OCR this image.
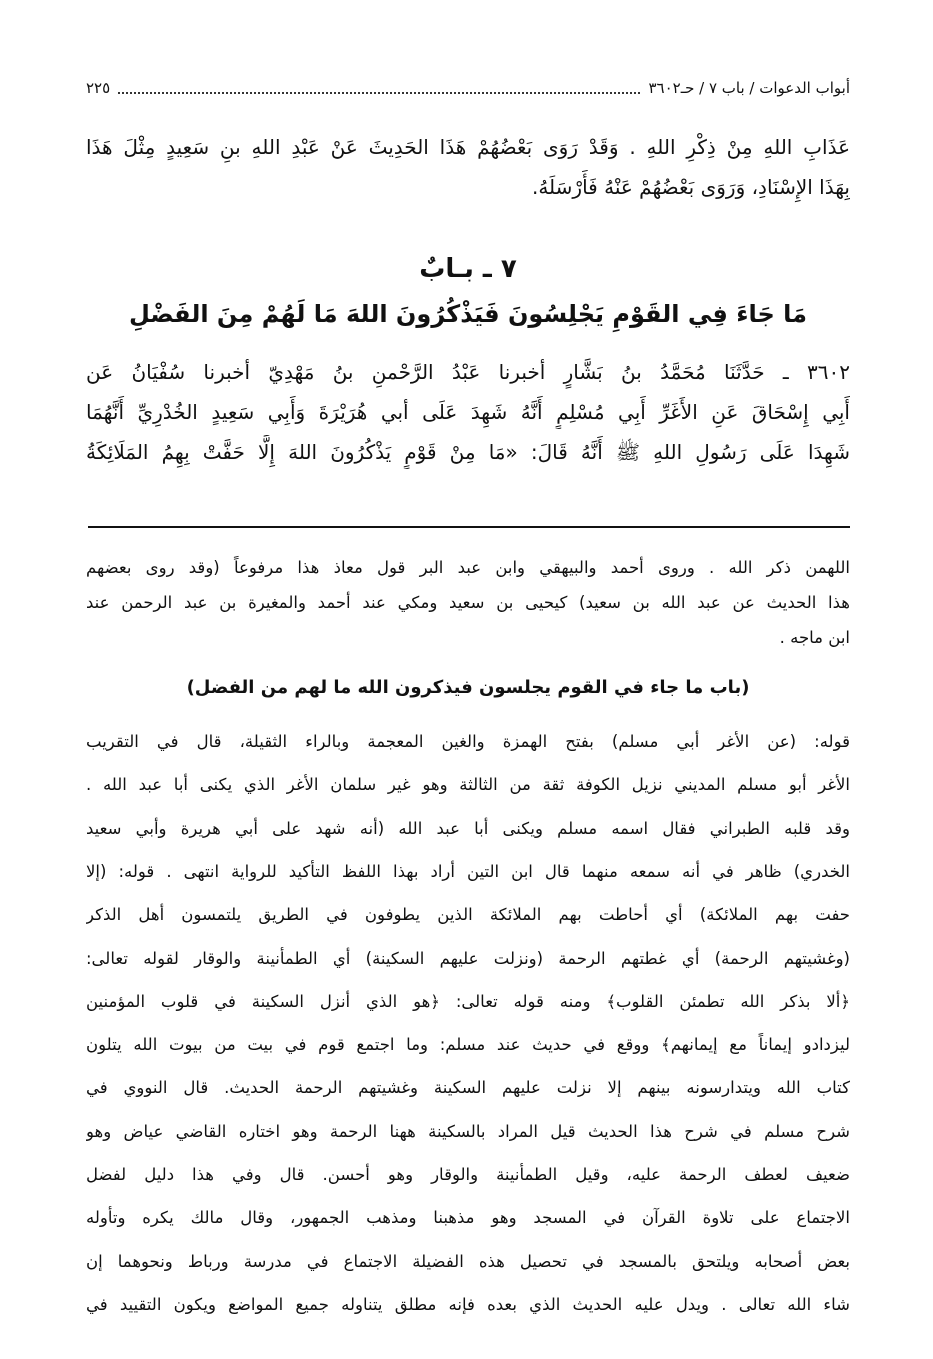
أبواب الدعوات / باب ٧ / حـ٣٦٠٢
٢٢٥
عَذَابِ اللهِ مِنْ ذِكْرِ اللهِ . وَقَدْ رَوَى بَعْضُهُمْ هَذَا الحَدِيثَ عَنْ عَبْدِ اللهِ بنِ سَعِيدٍ مِثْلَ هَذَا
بِهَذَا الإِسْنَادِ، وَرَوَى بَعْضُهُمْ عَنْهُ فَأَرْسَلَهُ.
٧ ـ بـابٌ
مَا جَاءَ فِي القَوْمِ يَجْلِسُونَ فَيَذْكُرُونَ اللهَ مَا لَهُمْ مِنَ الفَضْلِ
٣٦٠٢ ـ حَدَّثَنَا مُحَمَّدُ بنُ بَشَّارٍ أخبرنا عَبْدُ الرَّحْمنِ بنُ مَهْدِيّ أخبرنا سُفْيَانُ عَن
أَبِي إِسْحَاقَ عَنِ الأَغَرِّ أَبِي مُسْلِمٍ أَنَّهُ شَهِدَ عَلَى أبي هُرَيْرَةَ وَأَبِي سَعِيدٍ الخُدْرِيِّ أَنَّهُمَا
شَهِدَا عَلَى رَسُولِ اللهِ ﷺ أَنَّهُ قَالَ: «مَا مِنْ قَوْمٍ يَذْكُرُونَ اللهَ إِلَّا حَفَّتْ بِهِمُ المَلَائِكَةُ
اللهمن ذكر الله . وروى أحمد والبيهقي وابن عبد البر قول معاذ هذا مرفوعاً (وقد روى بعضهم
هذا الحديث عن عبد الله بن سعيد) كيحيى بن سعيد ومكي عند أحمد والمغيرة بن عبد الرحمن عند
ابن ماجه .
(باب ما جاء في القوم يجلسون فيذكرون الله ما لهم من الفضل)
قوله: (عن الأغر أبي مسلم) بفتح الهمزة والغين المعجمة وبالراء الثقيلة، قال في التقريب
الأغر أبو مسلم المديني نزيل الكوفة ثقة من الثالثة وهو غير سلمان الأغر الذي يكنى أبا عبد الله .
وقد قلبه الطبراني فقال اسمه مسلم ويكنى أبا عبد الله (أنه شهد على أبي هريرة وأبي سعيد
الخدري) ظاهر في أنه سمعه منهما قال ابن التين أراد بهذا اللفظ التأكيد للرواية انتهى . قوله: (إلا
حفت بهم الملائكة) أي أحاطت بهم الملائكة الذين يطوفون في الطريق يلتمسون أهل الذكر
(وغشيتهم الرحمة) أي غطتهم الرحمة (ونزلت عليهم السكينة) أي الطمأنينة والوقار لقوله تعالى:
﴿ألا بذكر الله تطمئن القلوب﴾ ومنه قوله تعالى: ﴿هو الذي أنزل السكينة في قلوب المؤمنين
ليزدادو إيماناً مع إيمانهم﴾ ووقع في حديث عند مسلم: وما اجتمع قوم في بيت من بيوت الله يتلون
كتاب الله ويتدارسونه بينهم إلا نزلت عليهم السكينة وغشيتهم الرحمة الحديث. قال النووي في
شرح مسلم في شرح هذا الحديث قيل المراد بالسكينة ههنا الرحمة وهو اختاره القاضي عياض وهو
ضعيف لعطف الرحمة عليه، وقيل الطمأنينة والوقار وهو أحسن. قال وفي هذا دليل لفضل
الاجتماع على تلاوة القرآن في المسجد وهو مذهبنا ومذهب الجمهور، وقال مالك يكره وتأوله
بعض أصحابه ويلتحق بالمسجد في تحصيل هذه الفضيلة الاجتماع في مدرسة ورباط ونحوهما إن
شاء الله تعالى . ويدل عليه الحديث الذي بعده فإنه مطلق يتناوله جميع المواضع ويكون التقييد في
